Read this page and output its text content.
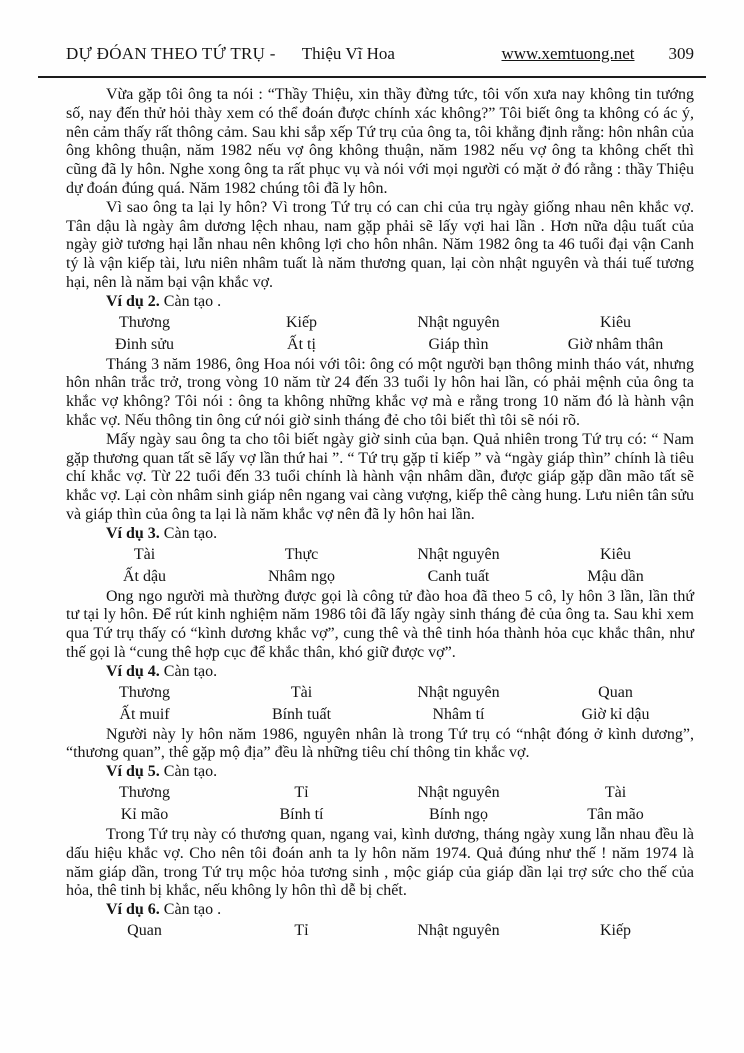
DỰ ĐÓAN THEO TỨ TRỤ - Thiệu Vĩ Hoa	www.xemtuong.net 309

Vừa gặp tôi ông ta nói : “Thầy Thiệu, xin thầy đừng tức, tôi vốn xưa nay không tin tướng số, nay đến thử hỏi thày xem có thể đoán được chính xác không?” Tôi biết ông ta không có ác ý, nên cảm thấy rất thông cảm. Sau khi sắp xếp Tứ trụ của ông ta, tôi khẳng định rằng: hôn nhân của ông không thuận, năm 1982 nếu vợ ông không thuận, năm 1982 nếu vợ ông ta không chết thì cũng đã ly hôn. Nghe xong ông ta rất phục vụ và nói với mọi người có mặt ở đó rằng : thầy Thiệu dự đoán đúng quá. Năm 1982 chúng tôi đã ly hôn.

Vì sao ông ta lại ly hôn? Vì trong Tứ trụ có can chi của trụ ngày giống nhau nên khắc vợ. Tân dậu là ngày âm dương lệch nhau, nam gặp phải sẽ lấy vợi hai lần . Hơn nữa dậu tuất của ngày giờ tương hại lẫn nhau nên không lợi cho hôn nhân. Năm 1982 ông ta 46 tuổi đại vận Canh tý là vận kiếp tài, lưu niên nhâm tuất là năm thương quan, lại còn nhật nguyên và thái tuế tương hại, nên là năm bại vận khắc vợ.

Ví dụ 2. Càn tạo .

Thương	Kiếp	Nhật nguyên	Kiêu
Đinh sửu	Ất tị	Giáp thìn	Giờ nhâm thân

Tháng 3 năm 1986, ông Hoa nói với tôi: ông có một người bạn thông minh tháo vát, nhưng hôn nhân trắc trở, trong vòng 10 năm từ 24 đến 33 tuổi ly hôn hai lần, có phải mệnh của ông ta khắc vợ không? Tôi nói : ông ta không những khắc vợ mà e rằng trong 10 năm đó là hành vận khắc vợ. Nếu thông tin ông cứ nói giờ sinh tháng đẻ cho tôi biết thì tôi sẽ nói rõ.

Mấy ngày sau ông ta cho tôi biết ngày giờ sinh của bạn. Quả nhiên trong Tứ trụ có: “ Nam gặp thương quan tất sẽ lấy vợ lần thứ hai ”. “ Tứ trụ gặp tỉ kiếp ” và “ngày giáp thìn” chính là tiêu chí khắc vợ. Từ 22 tuổi đến 33 tuổi chính là hành vận nhâm dần, được giáp gặp dần mão tất sẽ khắc vợ. Lại còn nhâm sinh giáp nên ngang vai càng vượng, kiếp thê càng hung. Lưu niên tân sửu và giáp thìn của ông ta lại là năm khắc vợ nên đã ly hôn hai lần.

Ví dụ 3. Càn tạo.

Tài	Thực	Nhật nguyên	Kiêu
Ất dậu	Nhâm ngọ	Canh tuất	Mậu dần

Ong ngo người mà thường được gọi là công tử đào hoa đã theo 5 cô, ly hôn 3 lần, lần thứ tư tại ly hôn. Để rút kinh nghiệm năm 1986 tôi đã lấy ngày sinh tháng đẻ của ông ta. Sau khi xem qua Tứ trụ thấy có “kình dương khắc vợ”, cung thê và thê tinh hóa thành hỏa cục khắc thân, như thế gọi là “cung thê hợp cục để khắc thân, khó giữ được vợ”.

Ví dụ 4. Càn tạo.

Thương	Tài	Nhật nguyên	Quan
Ất muif	Bính tuất	Nhâm tí	Giờ kỉ dậu

Người này ly hôn năm 1986, nguyên nhân là trong Tứ trụ có “nhật đóng ở kình dương”, “thương quan”, thê gặp mộ địa” đều là những tiêu chí thông tin khắc vợ.

Ví dụ 5. Càn tạo.

Thương	Tỉ	Nhật nguyên	Tài
Kỉ mão	Bính tí	Bính ngọ	Tân mão

Trong Tứ trụ này có thương quan, ngang vai, kình dương, tháng ngày xung lẫn nhau đều là dấu hiệu khắc vợ. Cho nên tôi đoán anh ta ly hôn năm 1974. Quả đúng như thế ! năm 1974 là năm giáp dần, trong Tứ trụ mộc hỏa tương sinh , mộc giáp của giáp dần lại trợ sức cho thế của hỏa, thê tinh bị khắc, nếu không ly hôn thì dễ bị chết.

Ví dụ 6. Càn tạo .

Quan	Tỉ	Nhật nguyên	Kiếp
